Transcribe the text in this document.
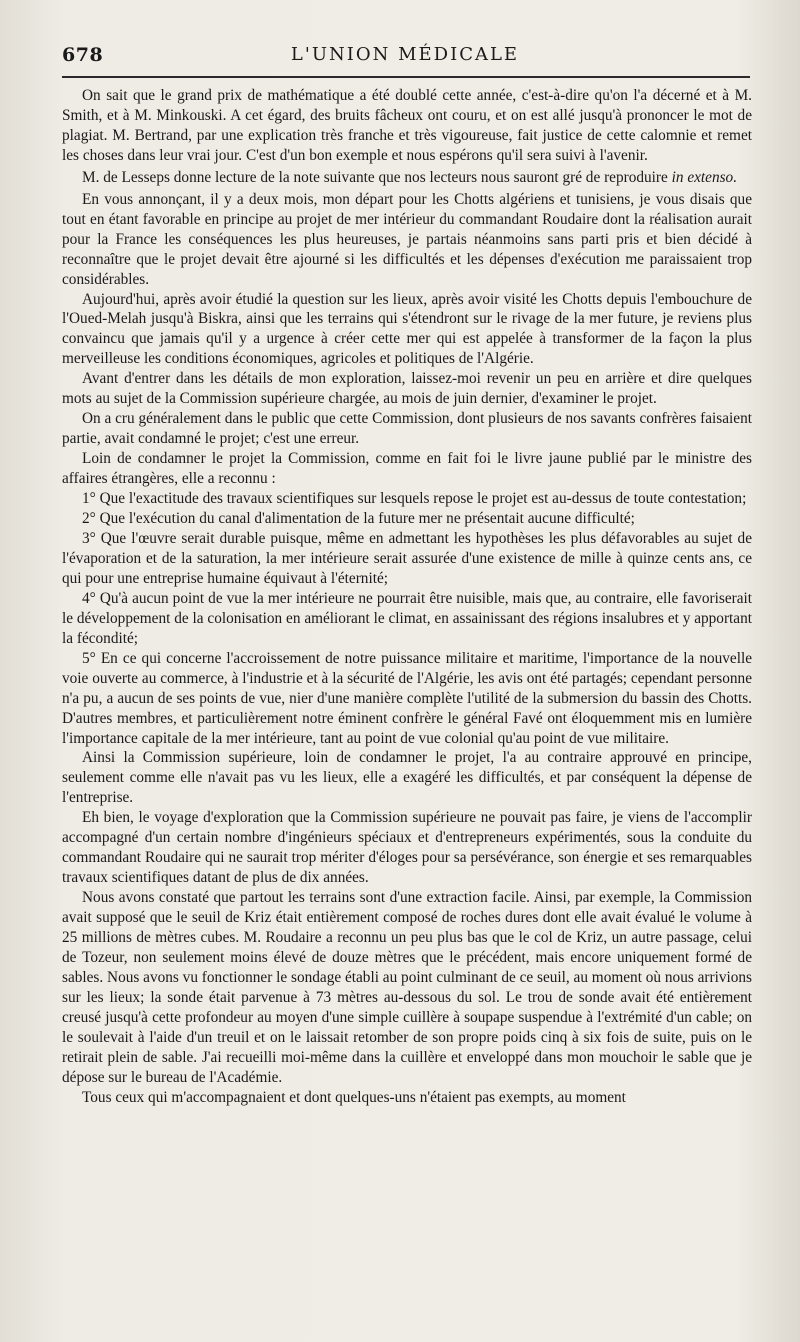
678	L'UNION MÉDICALE

On sait que le grand prix de mathématique a été doublé cette année, c'est-à-dire qu'on l'a décerné et à M. Smith, et à M. Minkouski. A cet égard, des bruits fâcheux ont couru, et on est allé jusqu'à prononcer le mot de plagiat. M. Bertrand, par une explication très franche et très vigoureuse, fait justice de cette calomnie et remet les choses dans leur vrai jour. C'est d'un bon exemple et nous espérons qu'il sera suivi à l'avenir.

M. de Lesseps donne lecture de la note suivante que nos lecteurs nous sauront gré de reproduire in extenso.

En vous annonçant, il y a deux mois, mon départ pour les Chotts algériens et tunisiens, je vous disais que tout en étant favorable en principe au projet de mer intérieur du commandant Roudaire dont la réalisation aurait pour la France les conséquences les plus heureuses, je partais néanmoins sans parti pris et bien décidé à reconnaître que le projet devait être ajourné si les difficultés et les dépenses d'exécution me paraissaient trop considérables.

Aujourd'hui, après avoir étudié la question sur les lieux, après avoir visité les Chotts depuis l'embouchure de l'Oued-Melah jusqu'à Biskra, ainsi que les terrains qui s'étendront sur le rivage de la mer future, je reviens plus convaincu que jamais qu'il y a urgence à créer cette mer qui est appelée à transformer de la façon la plus merveilleuse les conditions économiques, agricoles et politiques de l'Algérie.

Avant d'entrer dans les détails de mon exploration, laissez-moi revenir un peu en arrière et dire quelques mots au sujet de la Commission supérieure chargée, au mois de juin dernier, d'examiner le projet.

On a cru généralement dans le public que cette Commission, dont plusieurs de nos savants confrères faisaient partie, avait condamné le projet; c'est une erreur.

Loin de condamner le projet la Commission, comme en fait foi le livre jaune publié par le ministre des affaires étrangères, elle a reconnu :

1° Que l'exactitude des travaux scientifiques sur lesquels repose le projet est au-dessus de toute contestation;

2° Que l'exécution du canal d'alimentation de la future mer ne présentait aucune difficulté;

3° Que l'œuvre serait durable puisque, même en admettant les hypothèses les plus défavorables au sujet de l'évaporation et de la saturation, la mer intérieure serait assurée d'une existence de mille à quinze cents ans, ce qui pour une entreprise humaine équivaut à l'éternité;

4° Qu'à aucun point de vue la mer intérieure ne pourrait être nuisible, mais que, au contraire, elle favoriserait le développement de la colonisation en améliorant le climat, en assainissant des régions insalubres et y apportant la fécondité;

5° En ce qui concerne l'accroissement de notre puissance militaire et maritime, l'importance de la nouvelle voie ouverte au commerce, à l'industrie et à la sécurité de l'Algérie, les avis ont été partagés; cependant personne n'a pu, a aucun de ses points de vue, nier d'une manière complète l'utilité de la submersion du bassin des Chotts. D'autres membres, et particulièrement notre éminent confrère le général Favé ont éloquemment mis en lumière l'importance capitale de la mer intérieure, tant au point de vue colonial qu'au point de vue militaire.

Ainsi la Commission supérieure, loin de condamner le projet, l'a au contraire approuvé en principe, seulement comme elle n'avait pas vu les lieux, elle a exagéré les difficultés, et par conséquent la dépense de l'entreprise.

Eh bien, le voyage d'exploration que la Commission supérieure ne pouvait pas faire, je viens de l'accomplir accompagné d'un certain nombre d'ingénieurs spéciaux et d'entrepreneurs expérimentés, sous la conduite du commandant Roudaire qui ne saurait trop mériter d'éloges pour sa persévérance, son énergie et ses remarquables travaux scientifiques datant de plus de dix années.

Nous avons constaté que partout les terrains sont d'une extraction facile. Ainsi, par exemple, la Commission avait supposé que le seuil de Kriz était entièrement composé de roches dures dont elle avait évalué le volume à 25 millions de mètres cubes. M. Roudaire a reconnu un peu plus bas que le col de Kriz, un autre passage, celui de Tozeur, non seulement moins élevé de douze mètres que le précédent, mais encore uniquement formé de sables. Nous avons vu fonctionner le sondage établi au point culminant de ce seuil, au moment où nous arrivions sur les lieux; la sonde était parvenue à 73 mètres au-dessous du sol. Le trou de sonde avait été entièrement creusé jusqu'à cette profondeur au moyen d'une simple cuillère à soupape suspendue à l'extrémité d'un cable; on le soulevait à l'aide d'un treuil et on le laissait retomber de son propre poids cinq à six fois de suite, puis on le retirait plein de sable. J'ai recueilli moi-même dans la cuillère et enveloppé dans mon mouchoir le sable que je dépose sur le bureau de l'Académie.

Tous ceux qui m'accompagnaient et dont quelques-uns n'étaient pas exempts, au moment
